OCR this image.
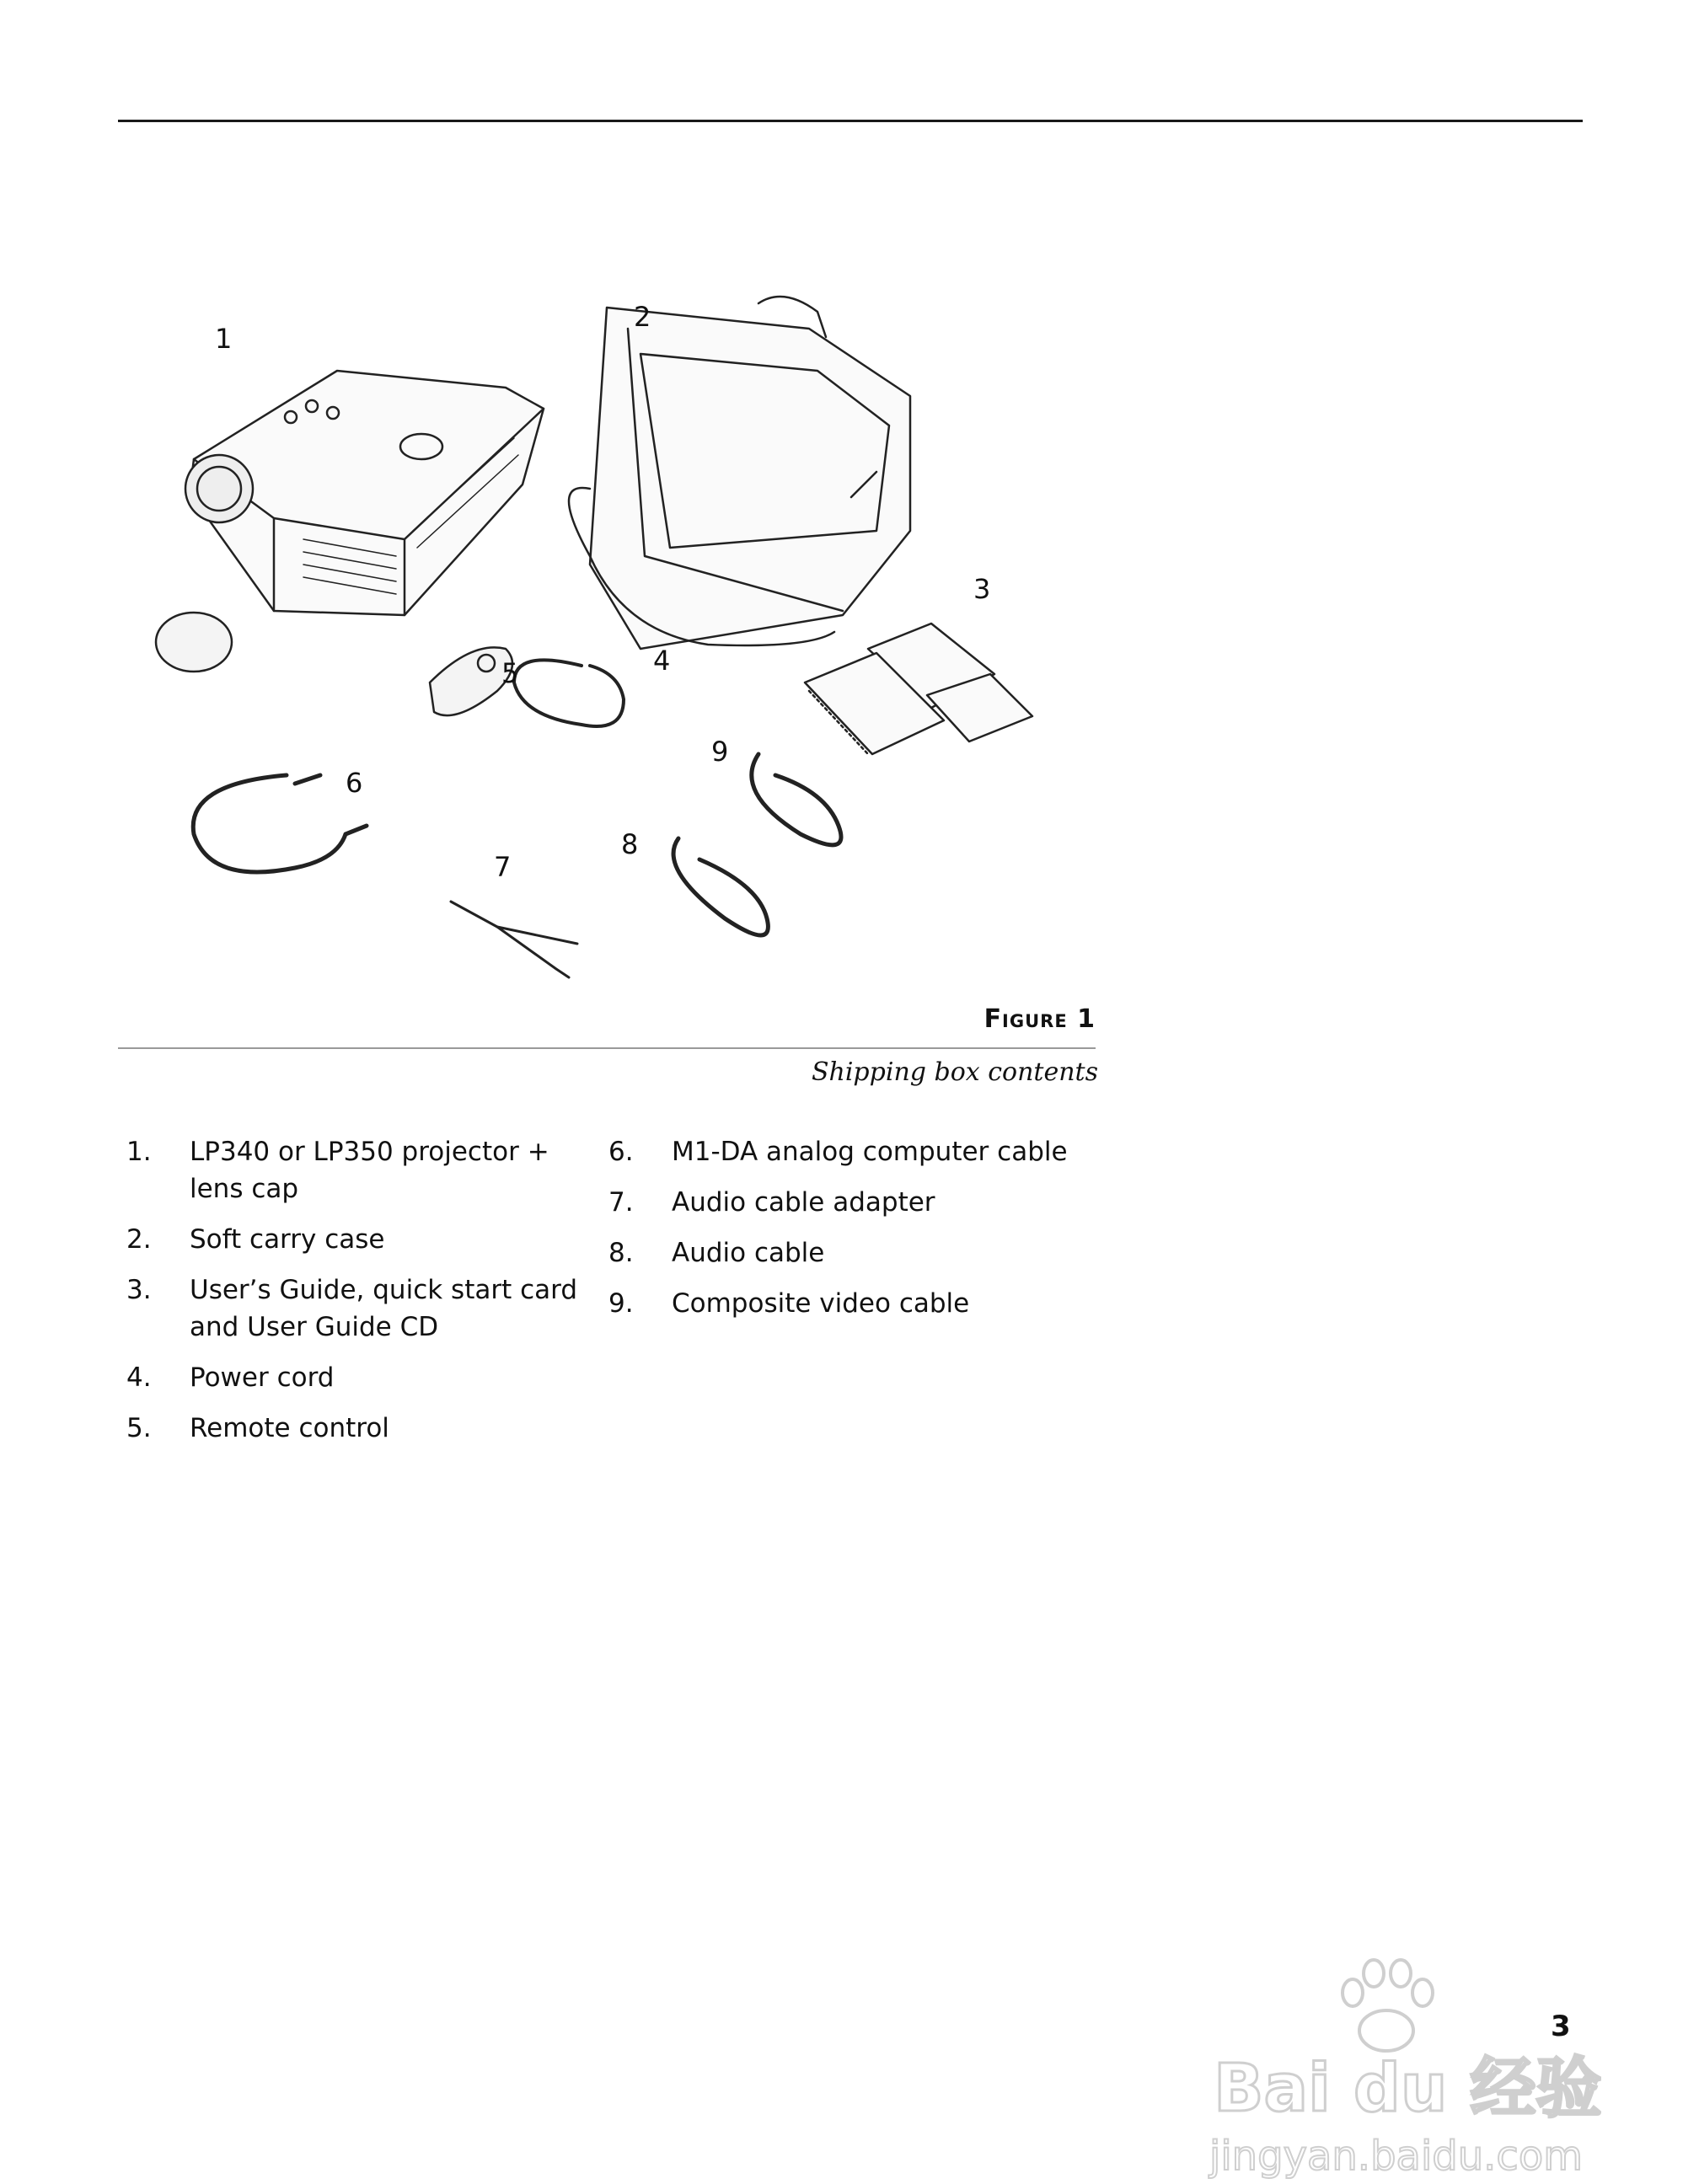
1
2
3
4
5
6
7
8
9
Figure 1
Shipping box contents
1.	LP340 or LP350 projector + lens cap
2.	Soft carry case
3.	User’s Guide, quick start card and User Guide CD
4.	Power cord
5.	Remote control
6.	M1-DA analog computer cable
7.	Audio cable adapter
8.	Audio cable
9.	Composite video cable
3
Bai du 经验
jingyan.baidu.com
